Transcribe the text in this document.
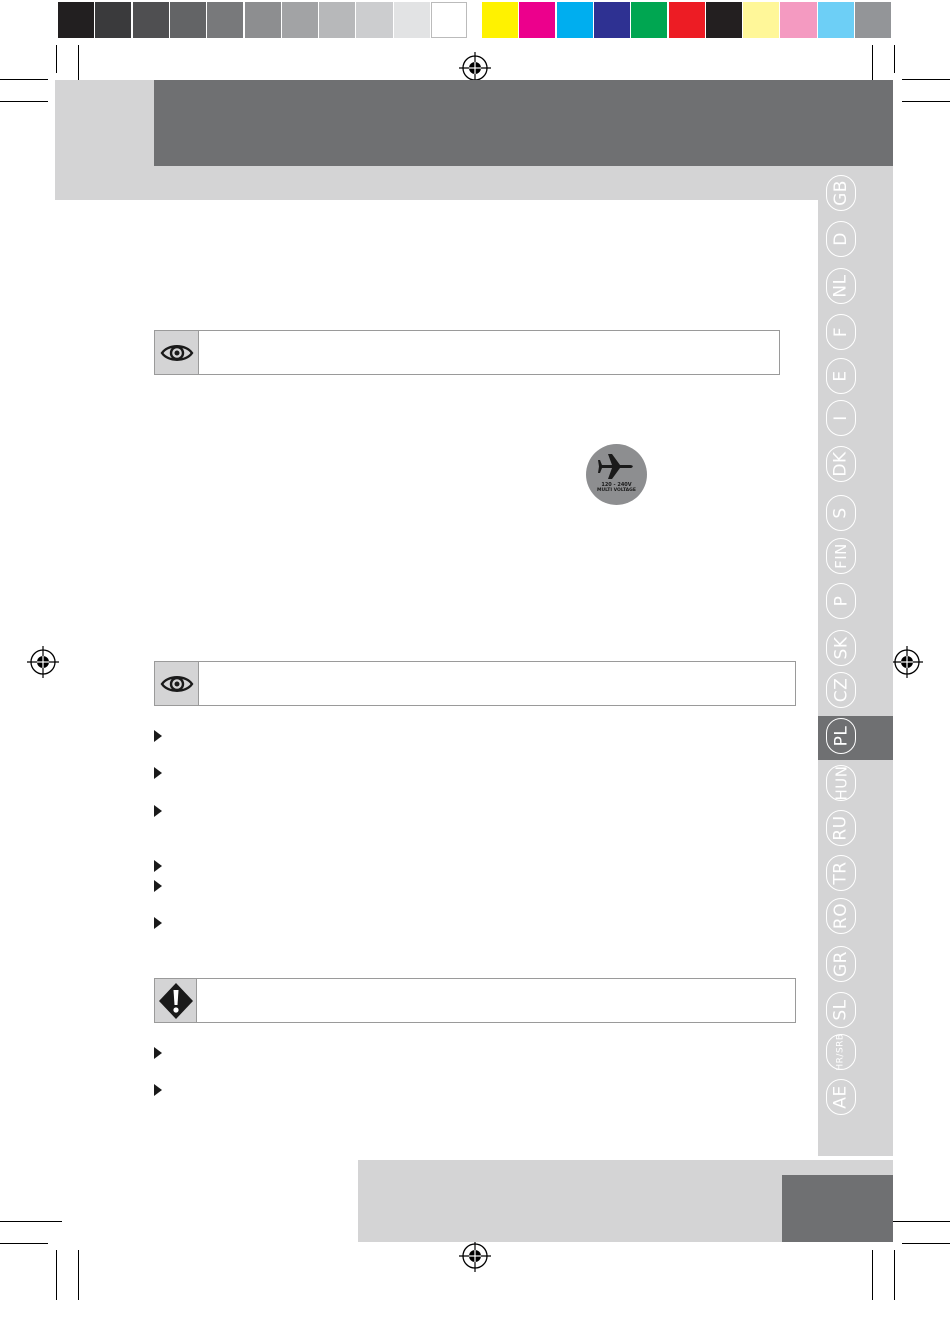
120 - 240V
MULTI VOLTAGE
GB
D
NL
F
E
I
DK
S
FIN
P
SK
CZ
PL
HUN
RU
TR
RO
GR
SL
HR/SRB
AE
